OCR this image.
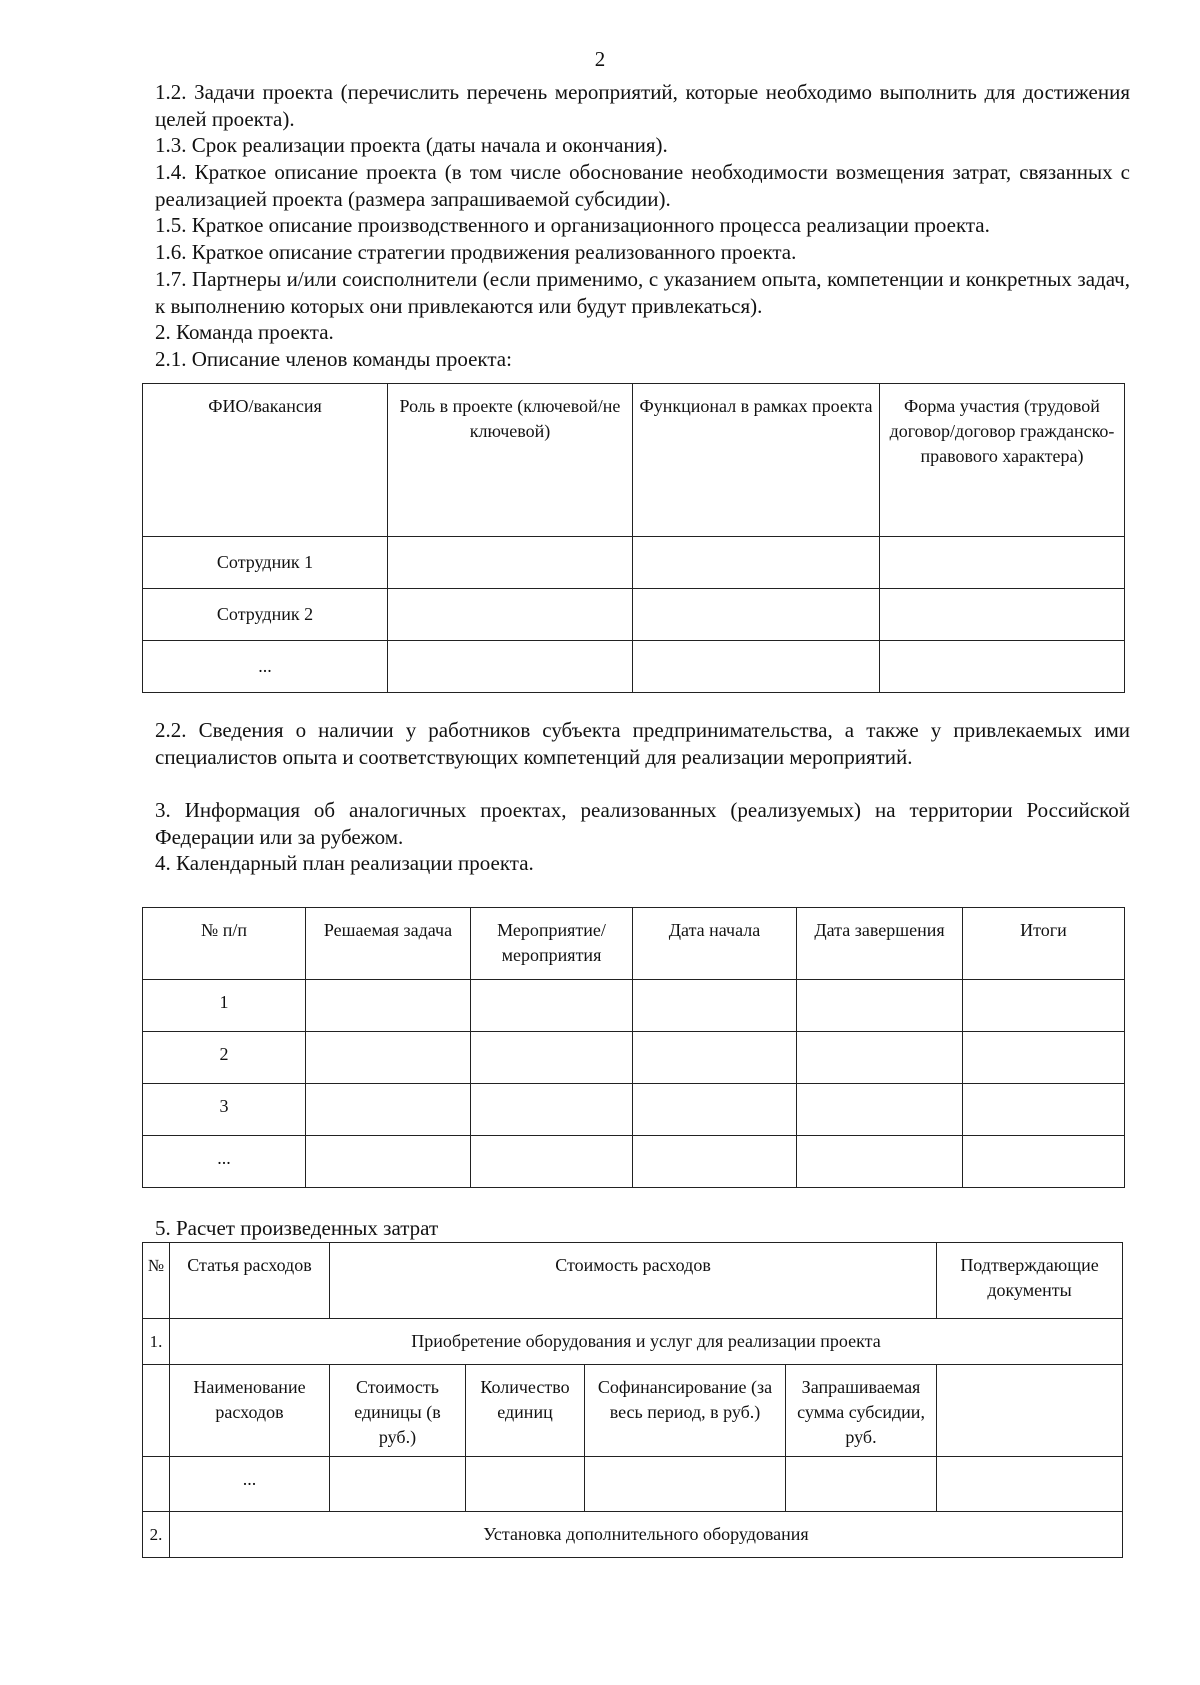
2

1.2. Задачи проекта (перечислить перечень мероприятий, которые необходимо выполнить для достижения целей проекта).

1.3. Срок реализации проекта (даты начала и окончания).

1.4. Краткое описание проекта (в том числе обоснование необходимости возмещения затрат, связанных с реализацией проекта (размера запрашиваемой субсидии).

1.5. Краткое описание производственного и организационного процесса реализации проекта.

1.6. Краткое описание стратегии продвижения реализованного проекта.

1.7. Партнеры и/или соисполнители (если применимо, с указанием опыта, компетенции и конкретных задач, к выполнению которых они привлекаются или будут привлекаться).

2. Команда проекта.

2.1. Описание членов команды проекта:

ФИО/вакансия	Роль в проекте (ключевой/не ключевой)	Функционал в рамках проекта	Форма участия (трудовой договор/договор гражданско-правового характера)
Сотрудник 1			
Сотрудник 2			
...			

2.2. Сведения о наличии у работников субъекта предпринимательства, а также у привлекаемых ими специалистов опыта и соответствующих компетенций для реализации мероприятий.

3. Информация об аналогичных проектах, реализованных (реализуемых) на территории Российской Федерации или за рубежом.

4. Календарный план реализации проекта.

№ п/п	Решаемая задача	Мероприятие/ мероприятия	Дата начала	Дата завершения	Итоги
1					
2					
3					
...					

5. Расчет произведенных затрат

№	Статья расходов	Стоимость расходов				Подтверждающие документы
1.	Приобретение оборудования и услуг для реализации проекта					
	Наименование расходов	Стоимость единицы (в руб.)	Количество единиц	Софинансирование (за весь период, в руб.)	Запрашиваемая сумма субсидии, руб.	
	...					
2.	Установка дополнительного оборудования					
